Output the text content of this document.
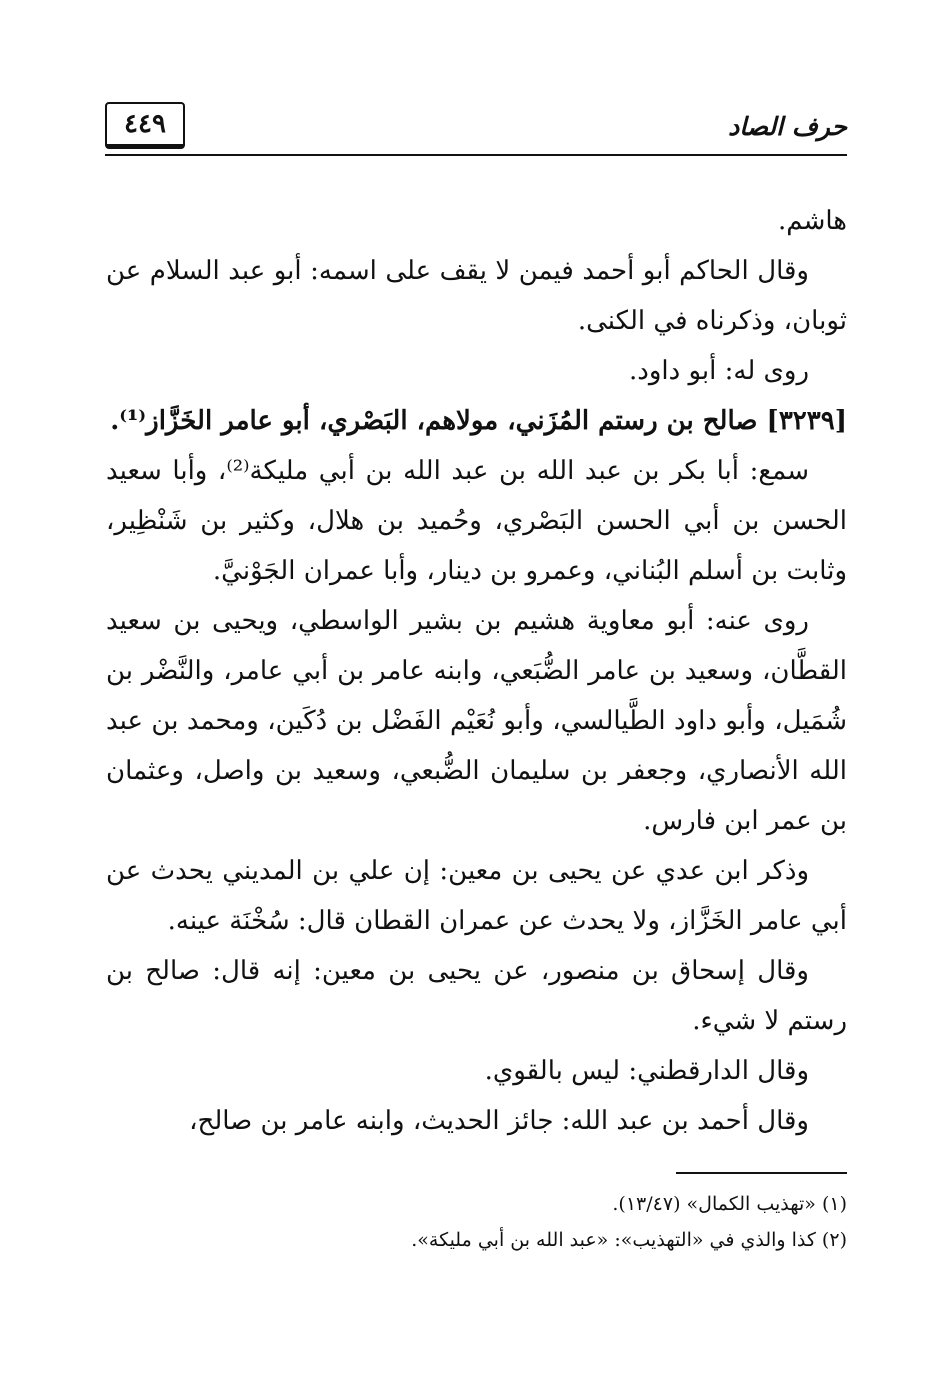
٤٤٩	حرف الصاد

هاشم.

وقال الحاكم أبو أحمد فيمن لا يقف على اسمه: أبو عبد السلام عن ثوبان، وذكرناه في الكنى.

روى له: أبو داود.

[٣٢٣٩] صالح بن رستم المُزَني، مولاهم، البَصْري، أبو عامر الخَزَّاز⁽¹⁾.

سمع: أبا بكر بن عبد الله بن عبد الله بن أبي مليكة⁽²⁾، وأبا سعيد الحسن بن أبي الحسن البَصْري، وحُميد بن هلال، وكثير بن شَنْظِير، وثابت بن أسلم البُناني، وعمرو بن دينار، وأبا عمران الجَوْنيَّ.

روى عنه: أبو معاوية هشيم بن بشير الواسطي، ويحيى بن سعيد القطَّان، وسعيد بن عامر الضُّبَعي، وابنه عامر بن أبي عامر، والنَّضْر بن شُمَيل، وأبو داود الطَّيالسي، وأبو نُعَيْم الفَضْل بن دُكَين، ومحمد بن عبد الله الأنصاري، وجعفر بن سليمان الضُّبعي، وسعيد بن واصل، وعثمان بن عمر ابن فارس.

وذكر ابن عدي عن يحيى بن معين: إن علي بن المديني يحدث عن أبي عامر الخَزَّاز، ولا يحدث عن عمران القطان قال: سُخْنَة عينه.

وقال إسحاق بن منصور، عن يحيى بن معين: إنه قال: صالح بن رستم لا شيء.

وقال الدارقطني: ليس بالقوي.

وقال أحمد بن عبد الله: جائز الحديث، وابنه عامر بن صالح،

(١) «تهذيب الكمال» (١٣/٤٧).

(٢) كذا والذي في «التهذيب»: «عبد الله بن أبي مليكة».
